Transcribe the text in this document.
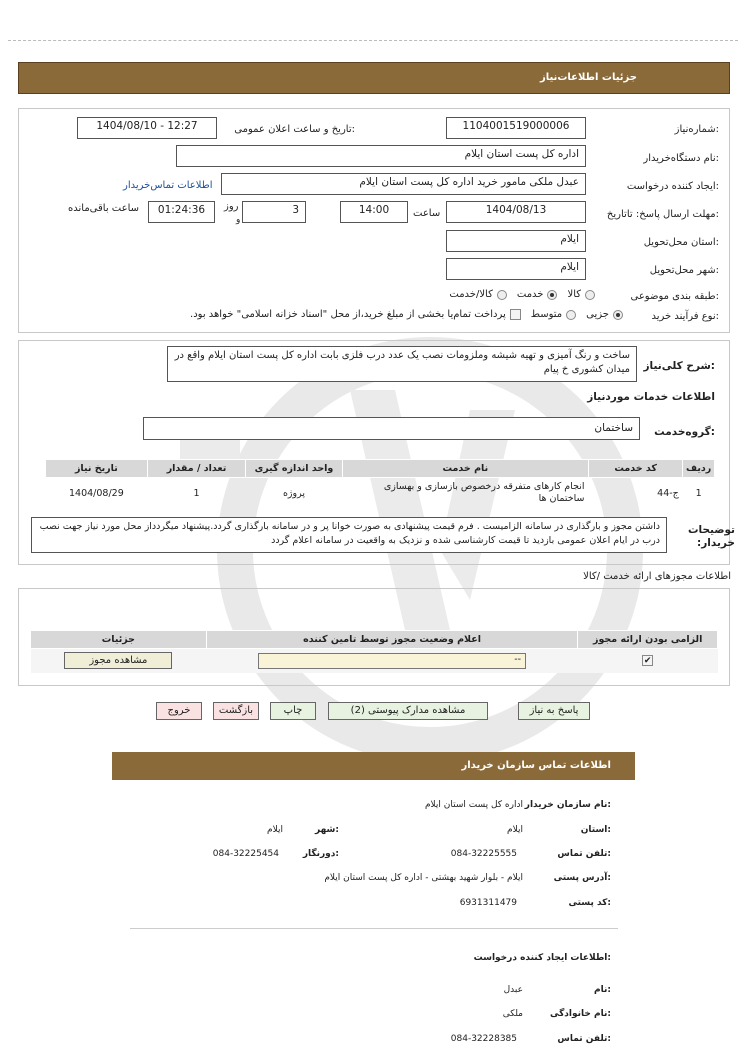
جزئیات اطلاعات‌نیاز
شماره‌نیاز:
1104001519000006
تاریخ و ساعت اعلان عمومی:
1404/08/10 - 12:27
نام دستگاه‌خریدار:
اداره کل پست استان ایلام
ایجاد کننده درخواست:
عبدل ملکی مامور خرید اداره کل پست استان ایلام
اطلاعات تماس‌خریدار
مهلت ارسال پاسخ: تاتاریخ:
1404/08/13
ساعت
14:00
3
روز
و
01:24:36
ساعت باقی‌مانده
استان محل‌تحویل:
ایلام
شهر محل‌تحویل:
ایلام
طبقه بندی موضوعی:
کالا
خدمت
کالا/خدمت
نوع فرآیند خرید:
جزیی
متوسط
پرداخت تمام‌یا بخشی از مبلغ خرید،از محل "اسناد خزانه اسلامی" خواهد بود.
شرح کلی‌نیاز:
ساخت و رنگ آمیزی و تهیه شیشه وملزومات نصب یک عدد درب فلزی بابت اداره کل پست استان ایلام واقع در میدان کشوری خ پیام
اطلاعات خدمات موردنیاز
گروه‌خدمت:
ساختمان
ردیف	کد خدمت	نام خدمت	واحد اندازه گیری	تعداد / مقدار	تاریخ نیاز
1	ج-44	انجام کارهای متفرقه درخصوص بازسازی و بهسازی ساختمان ها	پروژه	1	1404/08/29
توضیحات خریدار:
داشتن مجوز و بارگذاری در سامانه الزامیست . فرم قیمت پیشنهادی به صورت خوانا پر و در سامانه بارگذاری گردد.پیشنهاد میگردداز محل مورد نیاز جهت نصب درب در ایام اعلان عمومی بازدید تا قیمت کارشناسی شده و نزدیک به واقعیت در سامانه اعلام گردد
اطلاعات مجوزهای ارائه خدمت /کالا
الزامی بودن ارائه مجوز	اعلام وضعیت مجوز توسط تامین کننده	جزئیات
✔	--	مشاهده مجوز
پاسخ به نیاز
مشاهده مدارک پیوستی (2)
چاپ
بازگشت
خروج
اطلاعات تماس سازمان خریدار
نام سازمان خریدار:
اداره کل پست استان ایلام
استان:
ایلام
شهر:
ایلام
تلفن تماس:
084-32225555
دورنگار:
084-32225454
آدرس پستی:
ایلام - بلوار شهید بهشتی - اداره کل پست استان ایلام
کد پستی:
6931311479
اطلاعات ایجاد کننده درخواست:
نام:
عبدل
نام خانوادگی:
ملکی
تلفن تماس:
084-32228385
